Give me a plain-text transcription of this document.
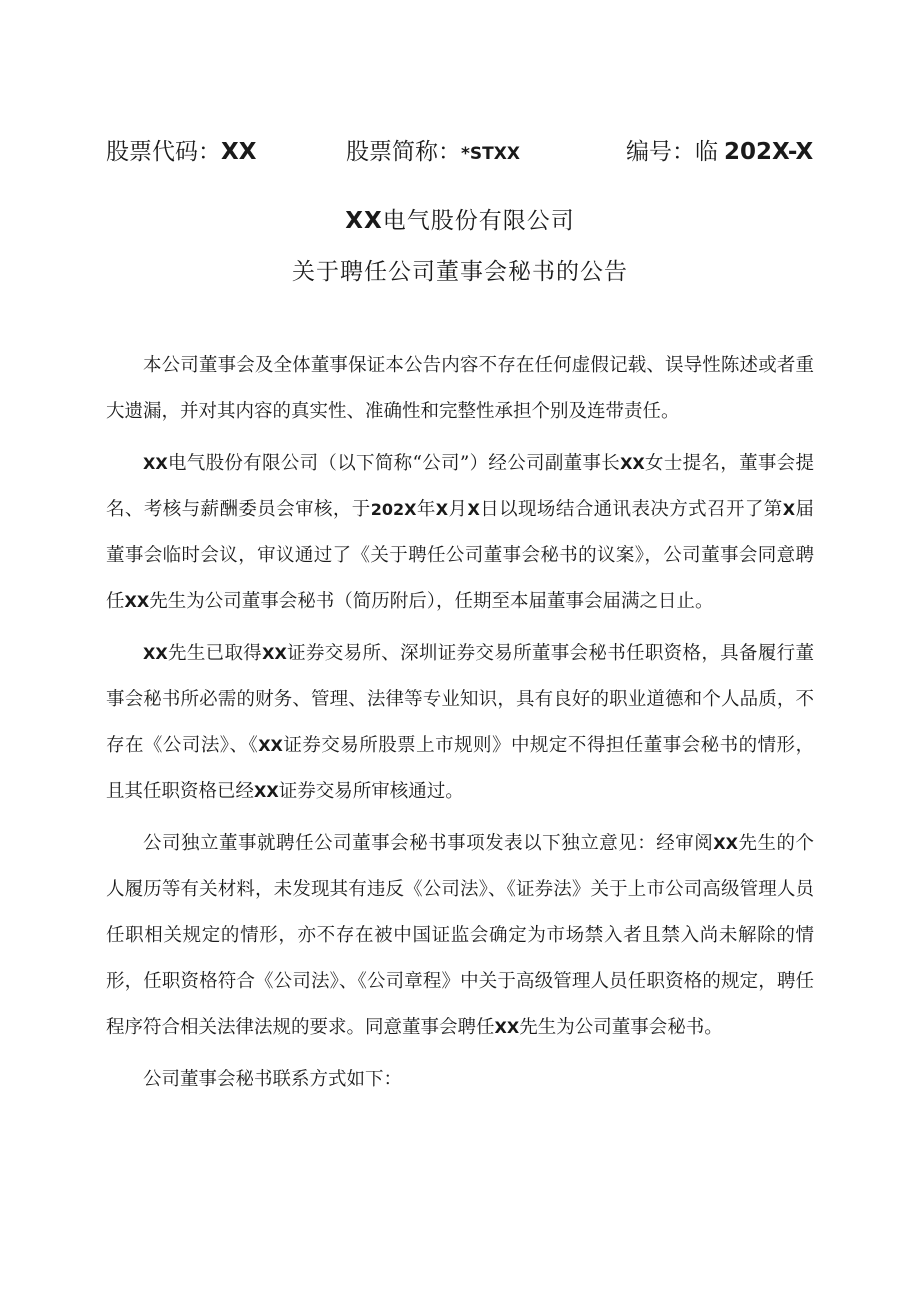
股票代码：XX	股票简称：*STXX	编号：临 202X-X
XX电气股份有限公司
关于聘任公司董事会秘书的公告

本公司董事会及全体董事保证本公告内容不存在任何虚假记载、误导性陈述或者重大遗漏，并对其内容的真实性、准确性和完整性承担个别及连带责任。

XX电气股份有限公司（以下简称“公司”）经公司副董事长XX女士提名，董事会提名、考核与薪酬委员会审核，于202X年X月X日以现场结合通讯表决方式召开了第X届董事会临时会议，审议通过了《关于聘任公司董事会秘书的议案》，公司董事会同意聘任XX先生为公司董事会秘书（简历附后），任期至本届董事会届满之日止。

XX先生已取得XX证券交易所、深圳证券交易所董事会秘书任职资格，具备履行董事会秘书所必需的财务、管理、法律等专业知识，具有良好的职业道德和个人品质，不存在《公司法》、《XX证券交易所股票上市规则》中规定不得担任董事会秘书的情形，且其任职资格已经XX证券交易所审核通过。

公司独立董事就聘任公司董事会秘书事项发表以下独立意见：经审阅XX先生的个人履历等有关材料，未发现其有违反《公司法》、《证券法》关于上市公司高级管理人员任职相关规定的情形，亦不存在被中国证监会确定为市场禁入者且禁入尚未解除的情形，任职资格符合《公司法》、《公司章程》中关于高级管理人员任职资格的规定，聘任程序符合相关法律法规的要求。同意董事会聘任XX先生为公司董事会秘书。

公司董事会秘书联系方式如下：
